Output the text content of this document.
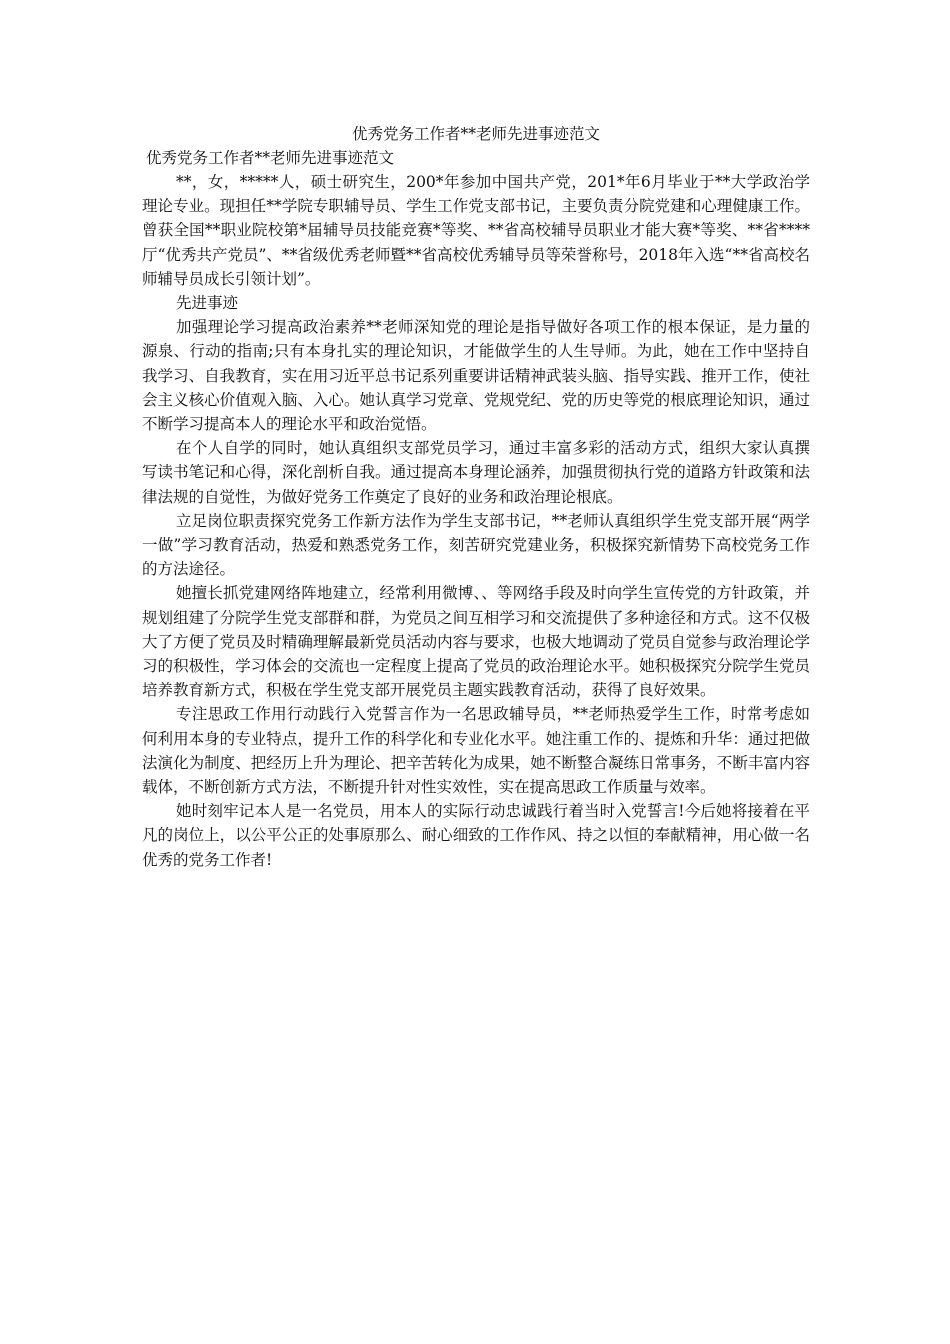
优秀党务工作者**老师先进事迹范文
优秀党务工作者**老师先进事迹范文

**，女，*****人，硕士研究生，200*年参加中国共产党，201*年6月毕业于**大学政治学理论专业。现担任**学院专职辅导员、学生工作党支部书记，主要负责分院党建和心理健康工作。曾获全国**职业院校第*届辅导员技能竞赛*等奖、**省高校辅导员职业才能大赛*等奖、**省****厅“优秀共产党员”、**省级优秀老师暨**省高校优秀辅导员等荣誉称号，2018年入选“**省高校名师辅导员成长引领计划”。

先进事迹

加强理论学习提高政治素养**老师深知党的理论是指导做好各项工作的根本保证，是力量的源泉、行动的指南;只有本身扎实的理论知识，才能做学生的人生导师。为此，她在工作中坚持自我学习、自我教育，实在用习近平总书记系列重要讲话精神武装头脑、指导实践、推开工作，使社会主义核心价值观入脑、入心。她认真学习党章、党规党纪、党的历史等党的根底理论知识，通过不断学习提高本人的理论水平和政治觉悟。

在个人自学的同时，她认真组织支部党员学习，通过丰富多彩的活动方式，组织大家认真撰写读书笔记和心得，深化剖析自我。通过提高本身理论涵养，加强贯彻执行党的道路方针政策和法律法规的自觉性，为做好党务工作奠定了良好的业务和政治理论根底。

立足岗位职责探究党务工作新方法作为学生支部书记，**老师认真组织学生党支部开展“两学一做”学习教育活动，热爱和熟悉党务工作，刻苦研究党建业务，积极探究新情势下高校党务工作的方法途径。

她擅长抓党建网络阵地建立，经常利用微博、、等网络手段及时向学生宣传党的方针政策，并规划组建了分院学生党支部群和群，为党员之间互相学习和交流提供了多种途径和方式。这不仅极大了方便了党员及时精确理解最新党员活动内容与要求，也极大地调动了党员自觉参与政治理论学习的积极性，学习体会的交流也一定程度上提高了党员的政治理论水平。她积极探究分院学生党员培养教育新方式，积极在学生党支部开展党员主题实践教育活动，获得了良好效果。

专注思政工作用行动践行入党誓言作为一名思政辅导员，**老师热爱学生工作，时常考虑如何利用本身的专业特点，提升工作的科学化和专业化水平。她注重工作的、提炼和升华：通过把做法演化为制度、把经历上升为理论、把辛苦转化为成果，她不断整合凝练日常事务，不断丰富内容载体，不断创新方式方法，不断提升针对性实效性，实在提高思政工作质量与效率。

她时刻牢记本人是一名党员，用本人的实际行动忠诚践行着当时入党誓言!今后她将接着在平凡的岗位上，以公平公正的处事原那么、耐心细致的工作作风、持之以恒的奉献精神，用心做一名优秀的党务工作者!
